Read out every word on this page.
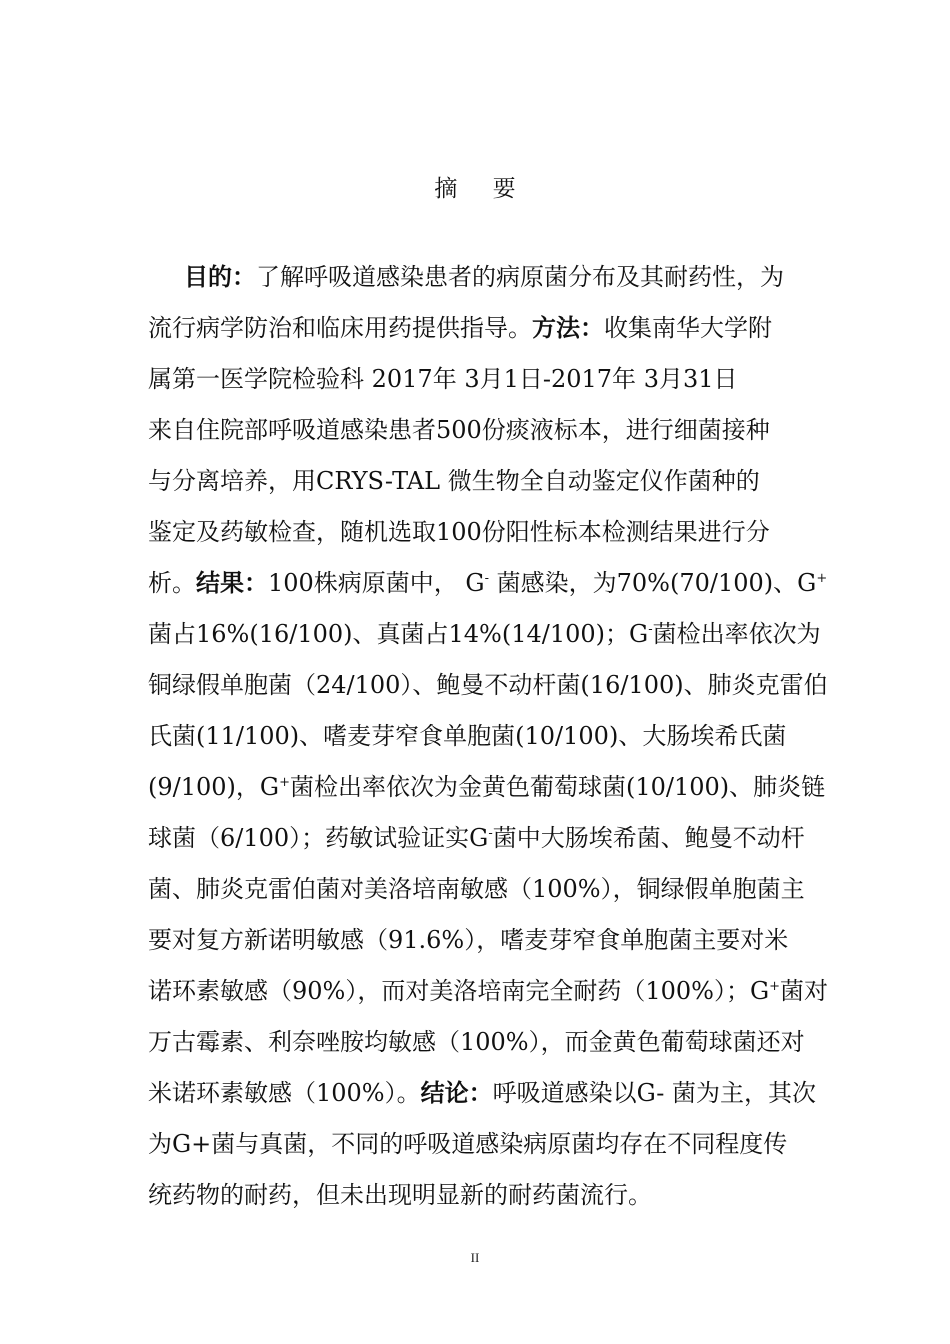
摘 要
目的：了解呼吸道感染患者的病原菌分布及其耐药性，为
流行病学防治和临床用药提供指导。方法：收集南华大学附
属第一医学院检验科 2017年 3月1日-2017年 3月31日
来自住院部呼吸道感染患者500份痰液标本，进行细菌接种
与分离培养，用CRYS-TAL 微生物全自动鉴定仪作菌种的
鉴定及药敏检查，随机选取100份阳性标本检测结果进行分
析。结果：100株病原菌中， G- 菌感染，为70%(70/100)、G+
菌占16%(16/100)、真菌占14%(14/100)；G-菌检出率依次为
铜绿假单胞菌（24/100）、鲍曼不动杆菌(16/100)、肺炎克雷伯
氏菌(11/100)、嗜麦芽窄食单胞菌(10/100)、大肠埃希氏菌
(9/100)，G+菌检出率依次为金黄色葡萄球菌(10/100)、肺炎链
球菌（6/100）；药敏试验证实G-菌中大肠埃希菌、鲍曼不动杆
菌、肺炎克雷伯菌对美洛培南敏感（100%），铜绿假单胞菌主
要对复方新诺明敏感（91.6%），嗜麦芽窄食单胞菌主要对米
诺环素敏感（90%），而对美洛培南完全耐药（100%）；G+菌对
万古霉素、利奈唑胺均敏感（100%），而金黄色葡萄球菌还对
米诺环素敏感（100%）。结论：呼吸道感染以G- 菌为主，其次
为G+菌与真菌，不同的呼吸道感染病原菌均存在不同程度传
统药物的耐药，但未出现明显新的耐药菌流行。
II
